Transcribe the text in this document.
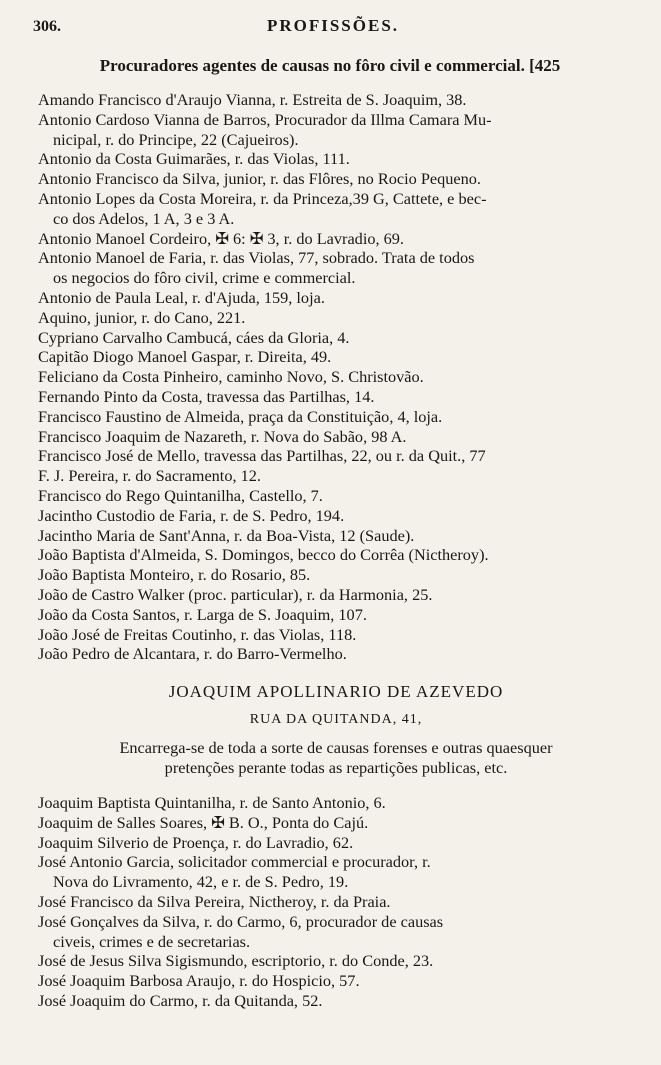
306.	PROFISSÕES.
Procuradores agentes de causas no fôro civil e commercial. [425
Amando Francisco d'Araujo Vianna, r. Estreita de S. Joaquim, 38.
Antonio Cardoso Vianna de Barros, Procurador da Illma Camara Mu-
nicipal, r. do Principe, 22 (Cajueiros).
Antonio da Costa Guimarães, r. das Violas, 111.
Antonio Francisco da Silva, junior, r. das Flôres, no Rocio Pequeno.
Antonio Lopes da Costa Moreira, r. da Princeza,39 G, Cattete, e bec-
co dos Adelos, 1 A, 3 e 3 A.
Antonio Manoel Cordeiro, ✠ 6: ✠ 3, r. do Lavradio, 69.
Antonio Manoel de Faria, r. das Violas, 77, sobrado. Trata de todos
os negocios do fôro civil, crime e commercial.
Antonio de Paula Leal, r. d'Ajuda, 159, loja.
Aquino, junior, r. do Cano, 221.
Cypriano Carvalho Cambucá, cáes da Gloria, 4.
Capitão Diogo Manoel Gaspar, r. Direita, 49.
Feliciano da Costa Pinheiro, caminho Novo, S. Christovão.
Fernando Pinto da Costa, travessa das Partilhas, 14.
Francisco Faustino de Almeida, praça da Constituição, 4, loja.
Francisco Joaquim de Nazareth, r. Nova do Sabão, 98 A.
Francisco José de Mello, travessa das Partilhas, 22, ou r. da Quit., 77
F. J. Pereira, r. do Sacramento, 12.
Francisco do Rego Quintanilha, Castello, 7.
Jacintho Custodio de Faria, r. de S. Pedro, 194.
Jacintho Maria de Sant'Anna, r. da Boa-Vista, 12 (Saude).
João Baptista d'Almeida, S. Domingos, becco do Corrêa (Nictheroy).
João Baptista Monteiro, r. do Rosario, 85.
João de Castro Walker (proc. particular), r. da Harmonia, 25.
João da Costa Santos, r. Larga de S. Joaquim, 107.
João José de Freitas Coutinho, r. das Violas, 118.
João Pedro de Alcantara, r. do Barro-Vermelho.
JOAQUIM APOLLINARIO DE AZEVEDO
RUA DA QUITANDA, 41,
Encarrega-se de toda a sorte de causas forenses e outras quaesquer
pretenções perante todas as repartições publicas, etc.
Joaquim Baptista Quintanilha, r. de Santo Antonio, 6.
Joaquim de Salles Soares, ✠ B. O., Ponta do Cajú.
Joaquim Silverio de Proença, r. do Lavradio, 62.
José Antonio Garcia, solicitador commercial e procurador, r.
Nova do Livramento, 42, e r. de S. Pedro, 19.
José Francisco da Silva Pereira, Nictheroy, r. da Praia.
José Gonçalves da Silva, r. do Carmo, 6, procurador de causas
civeis, crimes e de secretarias.
José de Jesus Silva Sigismundo, escriptorio, r. do Conde, 23.
José Joaquim Barbosa Araujo, r. do Hospicio, 57.
José Joaquim do Carmo, r. da Quitanda, 52.
